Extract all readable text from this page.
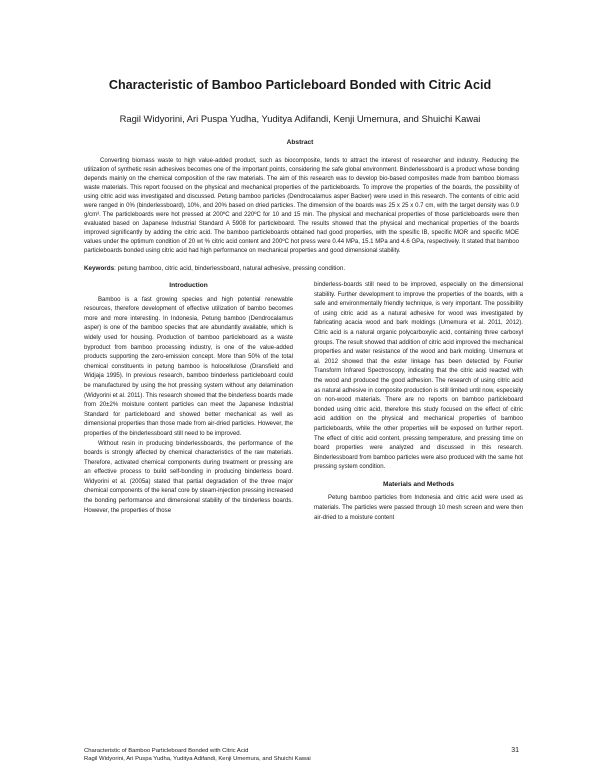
Characteristic of Bamboo Particleboard Bonded with Citric Acid
Ragil Widyorini, Ari Puspa Yudha, Yuditya Adifandi, Kenji Umemura, and Shuichi Kawai
Abstract

Converting biomass waste to high value-added product, such as biocomposite, tends to attract the interest of researcher and industry. Reducing the utilization of synthetic resin adhesives becomes one of the important points, considering the safe global environment. Binderlessboard is a product whose bonding depends mainly on the chemical composition of the raw materials. The aim of this research was to develop bio-based composites made from bamboo biomass waste materials. This report focused on the physical and mechanical properties of the particleboards. To improve the properties of the boards, the possibility of using citric acid was investigated and discussed. Petung bamboo particles (Dendrocalamus asper Backer) were used in this research. The contents of citric acid were ranged in 0% (binderlessboard), 10%, and 20% based on dried particles. The dimension of the boards was 25 x 25 x 0.7 cm, with the target density was 0.9 g/cm³. The particleboards were hot pressed at 200ºC and 220ºC for 10 and 15 min. The physical and mechanical properties of those particleboards were then evaluated based on Japanese Industrial Standard A 5908 for particleboard. The results showed that the physical and mechanical properties of the boards improved significantly by adding the citric acid. The bamboo particleboards obtained had good properties, with the spesific IB, specific MOR and specific MOE values under the optimum condition of 20 wt % citric acid content and 200ºC hot press were 0.44 MPa, 15.1 MPa and 4.6 GPa, respectively. It stated that bamboo particleboards bonded using citric acid had high performance on mechanical properties and good dimensional stability.

Keywords: petung bamboo, citric acid, binderlessboard, natural adhesive, pressing condition.

Introduction

Bamboo is a fast growing species and high potential renewable resources, therefore development of effective utilization of bambo becomes more and more interesting. In Indonesia, Petung bamboo (Dendrocalamus asper) is one of the bamboo species that are abundantly available, which is widely used for housing. Production of bamboo particleboard as a waste byproduct from bamboo processing industry, is one of the value-added products supporting the zero-emission concept. More than 50% of the total chemical constituents in petung bamboo is holocellulose (Dransfield and Widjaja 1995). In previous research, bamboo binderless particleboard could be manufactured by using the hot pressing system without any delamination (Widyorini et al. 2011). This research showed that the binderless boards made from 20±2% moisture content particles can meet the Japanese Industrial Standard for particleboard and showed better mechanical as well as dimensional properties than those made from air-dried particles. However, the properties of the binderlessboard still need to be improved.

Without resin in producing binderlessboards, the performance of the boards is strongly affected by chemical characteristics of the raw materials. Therefore, activated chemical components during treatment or pressing are an effective process to build self-bonding in producing binderless board. Widyorini et al. (2005a) stated that partial degradation of the three major chemical components of the kenaf core by steam-injection pressing increased the bonding performance and dimensional stability of the binderless boards. However, the properties of those

binderless-boards still need to be improved, especially on the dimensional stability. Further development to improve the properties of the boards, with a safe and environmentally friendly technique, is very important. The possibility of using citric acid as a natural adhesive for wood was investigated by fabricating acacia wood and bark moldings (Umemura et al. 2011, 2012). Citric acid is a natural organic polycarboxylic acid, containing three carboxyl groups. The result showed that addition of citric acid improved the mechanical properties and water resistance of the wood and bark molding. Umemura et al. 2012 showed that the ester linkage has been detected by Fourier Transform Infrared Spectroscopy, indicating that the citric acid reacted with the wood and produced the good adhesion. The research of using citric acid as natural adhesive in composite production is still limited until now, especially on non-wood materials. There are no reports on bamboo particleboard bonded using citric acid, therefore this study focused on the effect of citric acid addition on the physical and mechanical properties of bamboo particleboards, while the other properties will be exposed on further report. The effect of citric acid content, pressing temperature, and pressing time on board properties were analyzed and discussed in this research. Binderlessboard from bamboo particles were also produced with the same hot pressing system condition.

Materials and Methods

Petung bamboo particles from Indonesia and citric acid were used as materials. The particles were passed through 10 mesh screen and were then air-dried to a moisture content

Characteristic of Bamboo Particleboard Bonded with Citric Acid
Ragil Widyorini, Ari Puspa Yudha, Yuditya Adifandi, Kenji Umemura, and Shuichi Kawai
31
